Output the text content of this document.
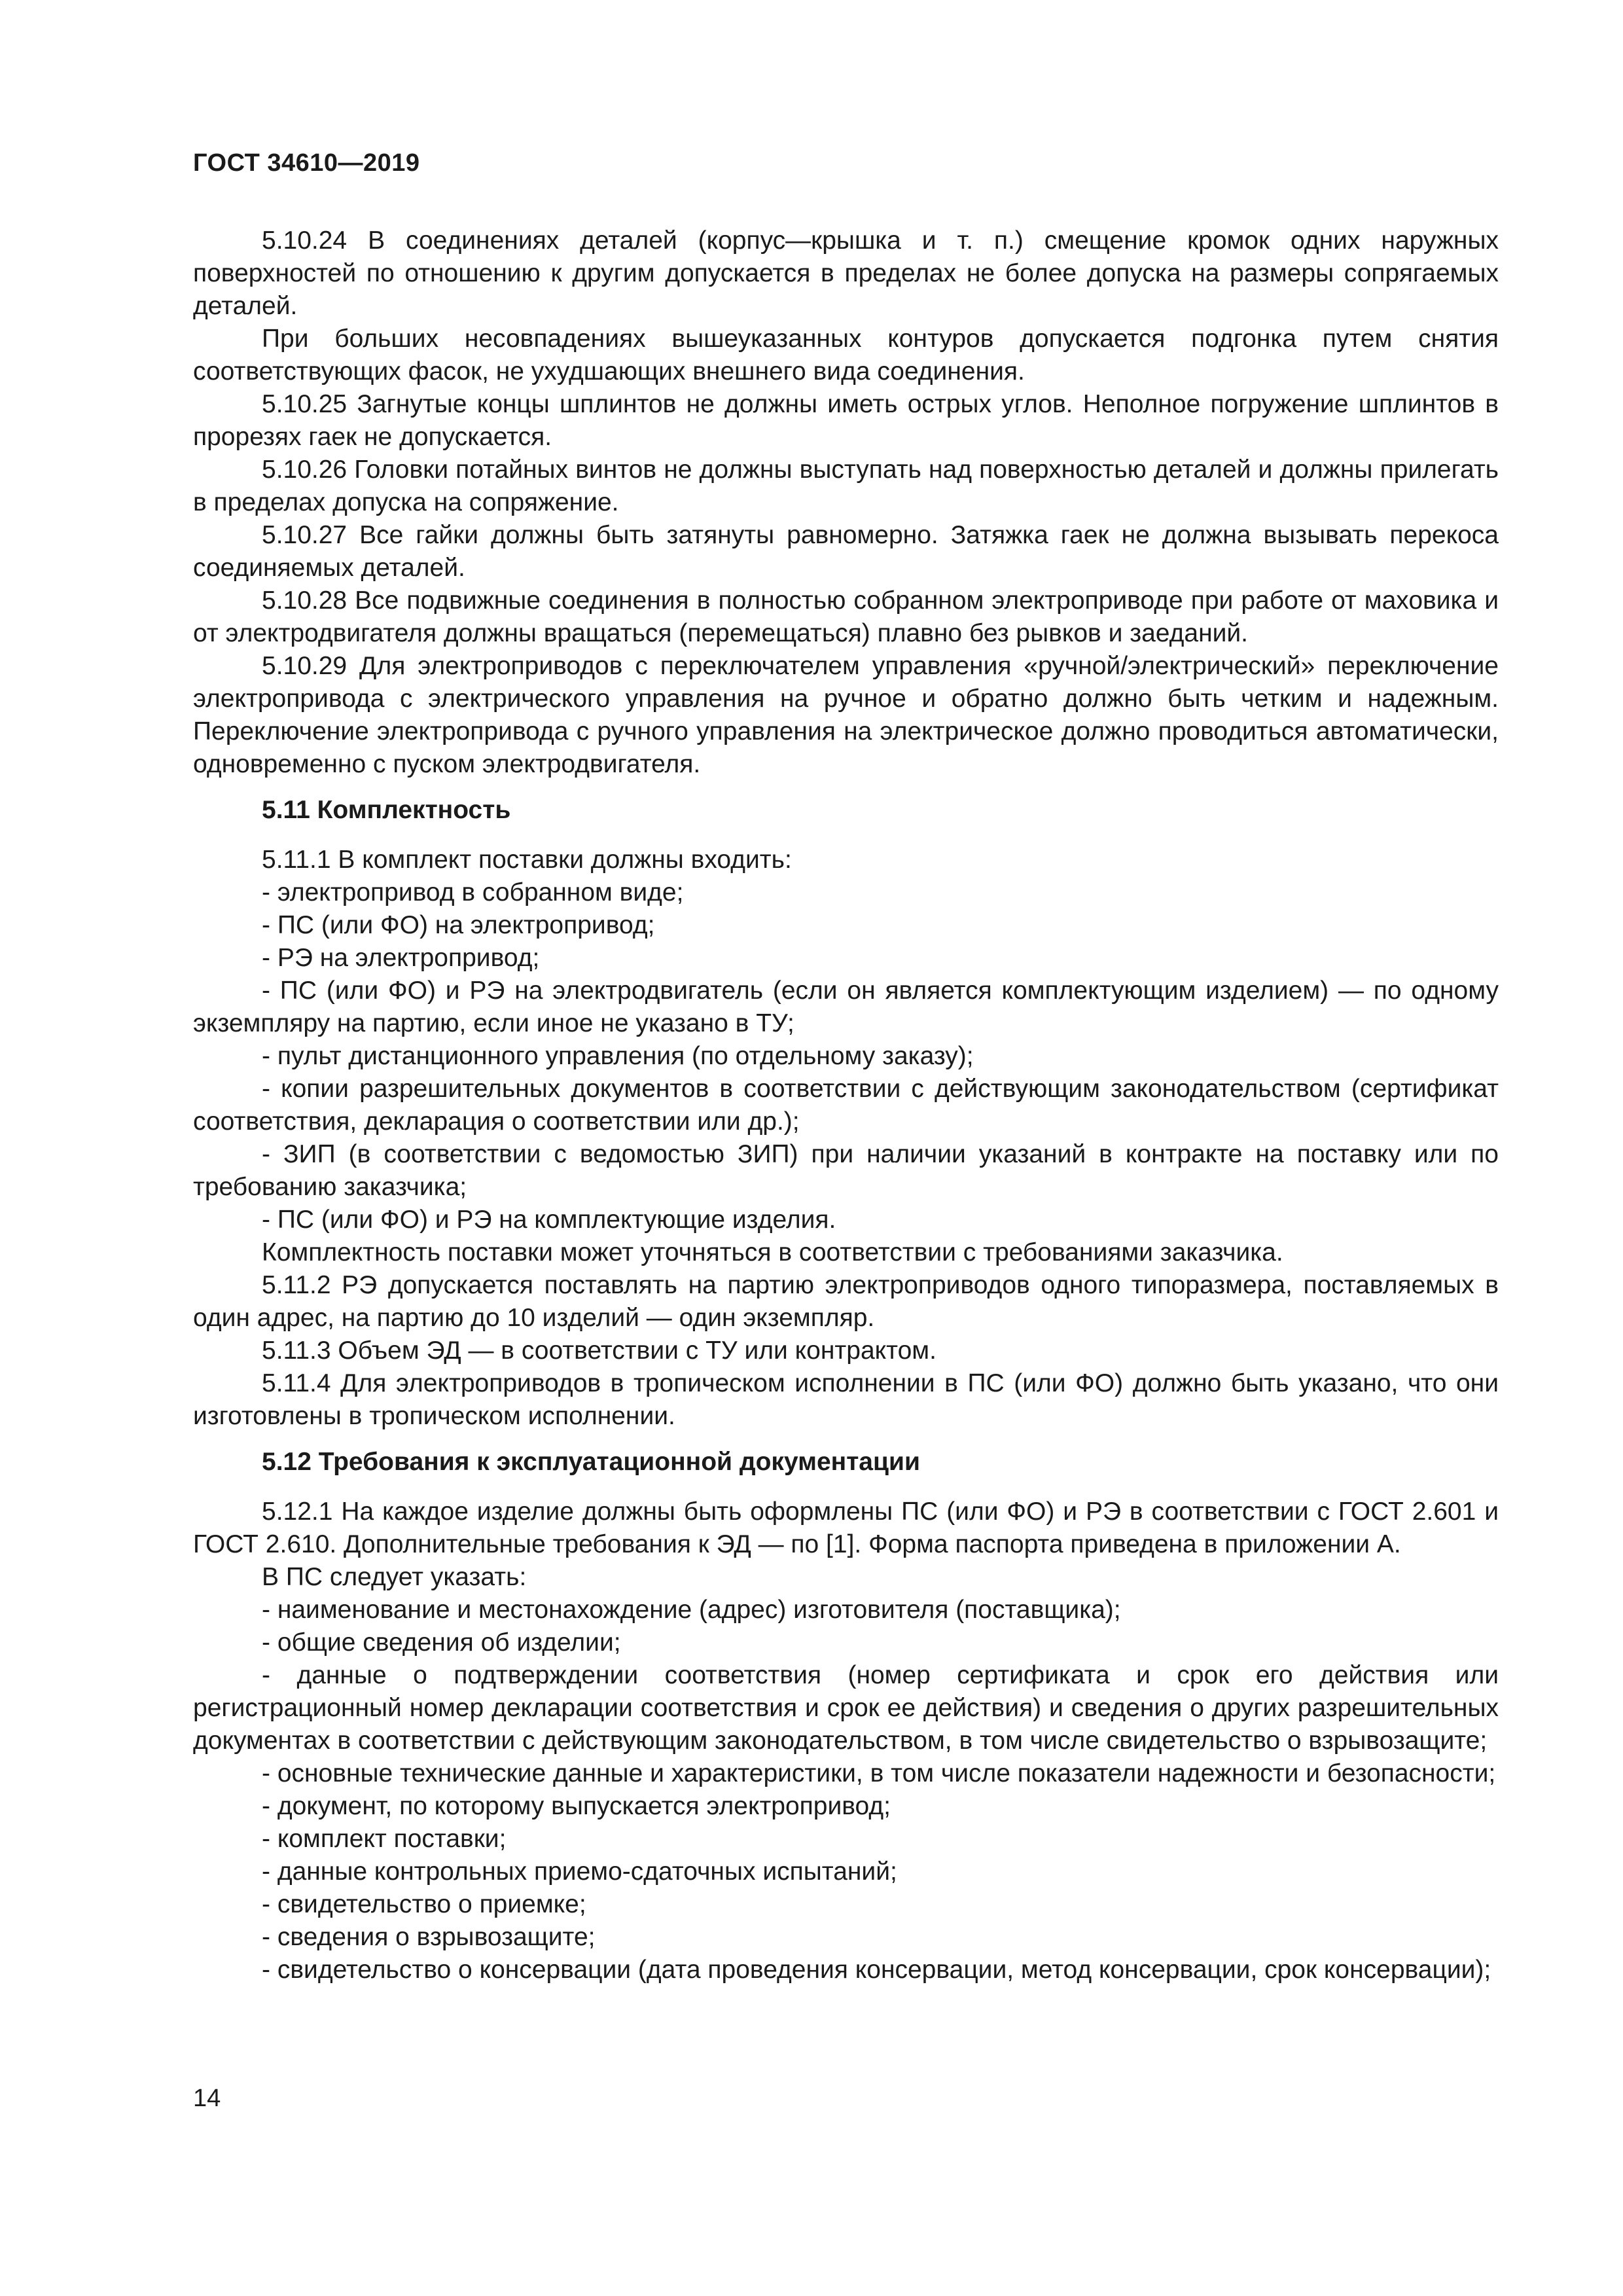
ГОСТ 34610—2019

5.10.24 В соединениях деталей (корпус—крышка и т. п.) смещение кромок одних наружных поверхностей по отношению к другим допускается в пределах не более допуска на размеры сопрягаемых деталей.

При больших несовпадениях вышеуказанных контуров допускается подгонка путем снятия соответствующих фасок, не ухудшающих внешнего вида соединения.

5.10.25 Загнутые концы шплинтов не должны иметь острых углов. Неполное погружение шплинтов в прорезях гаек не допускается.

5.10.26 Головки потайных винтов не должны выступать над поверхностью деталей и должны прилегать в пределах допуска на сопряжение.

5.10.27 Все гайки должны быть затянуты равномерно. Затяжка гаек не должна вызывать перекоса соединяемых деталей.

5.10.28 Все подвижные соединения в полностью собранном электроприводе при работе от маховика и от электродвигателя должны вращаться (перемещаться) плавно без рывков и заеданий.

5.10.29 Для электроприводов с переключателем управления «ручной/электрический» переключение электропривода с электрического управления на ручное и обратно должно быть четким и надежным. Переключение электропривода с ручного управления на электрическое должно проводиться автоматически, одновременно с пуском электродвигателя.

5.11 Комплектность

5.11.1 В комплект поставки должны входить:

- электропривод в собранном виде;

- ПС (или ФО) на электропривод;

- РЭ на электропривод;

- ПС (или ФО) и РЭ на электродвигатель (если он является комплектующим изделием) — по одному экземпляру на партию, если иное не указано в ТУ;

- пульт дистанционного управления (по отдельному заказу);

- копии разрешительных документов в соответствии с действующим законодательством (сертификат соответствия, декларация о соответствии или др.);

- ЗИП (в соответствии с ведомостью ЗИП) при наличии указаний в контракте на поставку или по требованию заказчика;

- ПС (или ФО) и РЭ на комплектующие изделия.

Комплектность поставки может уточняться в соответствии с требованиями заказчика.

5.11.2 РЭ допускается поставлять на партию электроприводов одного типоразмера, поставляемых в один адрес, на партию до 10 изделий — один экземпляр.

5.11.3 Объем ЭД — в соответствии с ТУ или контрактом.

5.11.4 Для электроприводов в тропическом исполнении в ПС (или ФО) должно быть указано, что они изготовлены в тропическом исполнении.

5.12 Требования к эксплуатационной документации

5.12.1 На каждое изделие должны быть оформлены ПС (или ФО) и РЭ в соответствии с ГОСТ 2.601 и ГОСТ 2.610. Дополнительные требования к ЭД — по [1]. Форма паспорта приведена в приложении А.

В ПС следует указать:

- наименование и местонахождение (адрес) изготовителя (поставщика);

- общие сведения об изделии;

- данные о подтверждении соответствия (номер сертификата и срок его действия или регистрационный номер декларации соответствия и срок ее действия) и сведения о других разрешительных документах в соответствии с действующим законодательством, в том числе свидетельство о взрывозащите;

- основные технические данные и характеристики, в том числе показатели надежности и безопасности;

- документ, по которому выпускается электропривод;

- комплект поставки;

- данные контрольных приемо-сдаточных испытаний;

- свидетельство о приемке;

- сведения о взрывозащите;

- свидетельство о консервации (дата проведения консервации, метод консервации, срок консервации);

14
